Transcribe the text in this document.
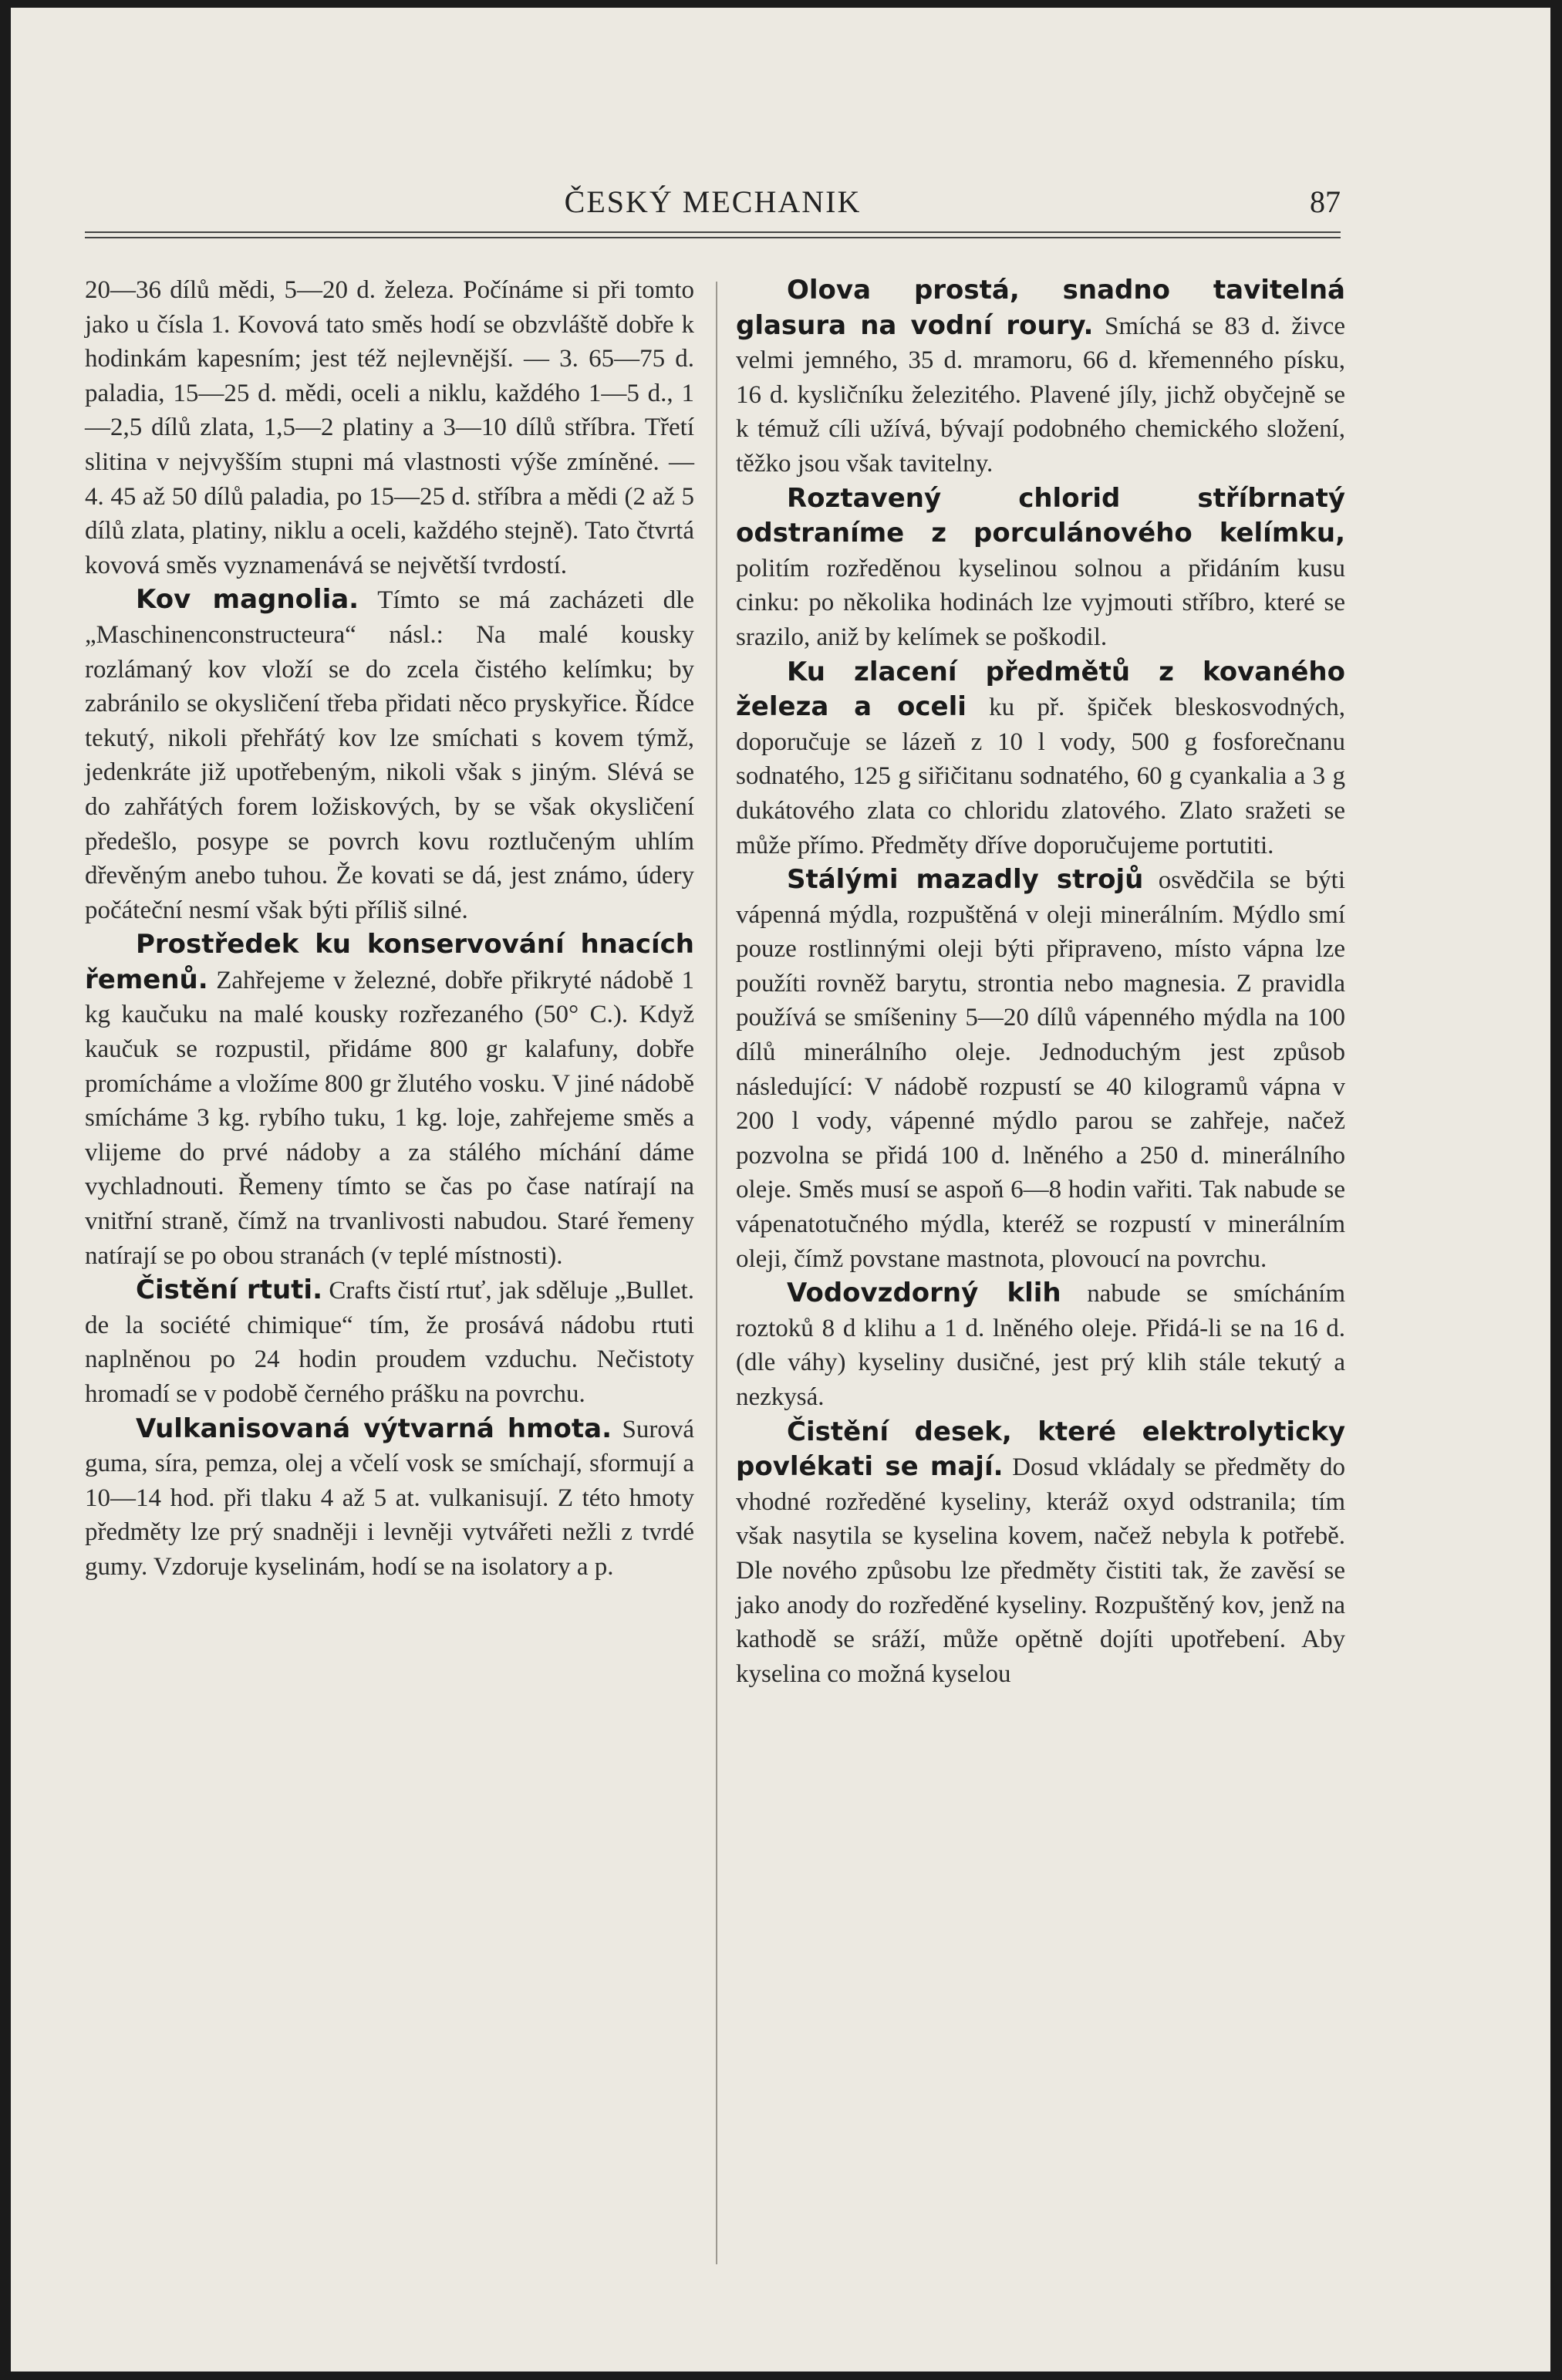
ČESKÝ MECHANIK	87

20—36 dílů mědi, 5—20 d. železa. Počínáme si při tomto jako u čísla 1. Kovová tato směs hodí se obzvláště dobře k hodinkám kapesním; jest též nejlevnější. — 3. 65—75 d. paladia, 15—25 d. mědi, oceli a niklu, každého 1—5 d., 1—2,5 dílů zlata, 1,5—2 platiny a 3—10 dílů stříbra. Třetí slitina v nejvyšším stupni má vlastnosti výše zmíněné. — 4. 45 až 50 dílů paladia, po 15—25 d. stříbra a mědi (2 až 5 dílů zlata, platiny, niklu a oceli, každého stejně). Tato čtvrtá kovová směs vyznamenává se největší tvrdostí.

Kov magnolia. Tímto se má zacházeti dle „Maschinenconstructeura“ násl.: Na malé kousky rozlámaný kov vloží se do zcela čistého kelímku; by zabránilo se okysličení třeba přidati něco pryskyřice. Řídce tekutý, nikoli přehřátý kov lze smíchati s kovem týmž, jedenkráte již upotřebeným, nikoli však s jiným. Slévá se do zahřátých forem ložiskových, by se však okysličení předešlo, posype se povrch kovu roztlučeným uhlím dřevěným anebo tuhou. Že kovati se dá, jest známo, údery počáteční nesmí však býti příliš silné.

Prostředek ku konservování hnacích řemenů. Zahřejeme v železné, dobře přikryté nádobě 1 kg kaučuku na malé kousky rozřezaného (50° C.). Když kaučuk se rozpustil, přidáme 800 gr kalafuny, dobře promícháme a vložíme 800 gr žlutého vosku. V jiné nádobě smícháme 3 kg. rybího tuku, 1 kg. loje, zahřejeme směs a vlijeme do prvé nádoby a za stálého míchání dáme vychladnouti. Řemeny tímto se čas po čase natírají na vnitřní straně, čímž na trvanlivosti nabudou. Staré řemeny natírají se po obou stranách (v teplé místnosti).

Čistění rtuti. Crafts čistí rtuť, jak sděluje „Bullet. de la société chimique“ tím, že prosává nádobu rtuti naplněnou po 24 hodin proudem vzduchu. Nečistoty hromadí se v podobě černého prášku na povrchu.

Vulkanisovaná výtvarná hmota. Surová guma, síra, pemza, olej a včelí vosk se smíchají, sformují a 10—14 hod. při tlaku 4 až 5 at. vulkanisují. Z této hmoty předměty lze prý snadněji i levněji vytvářeti nežli z tvrdé gumy. Vzdoruje kyselinám, hodí se na isolatory a p.

Olova prostá, snadno tavitelná glasura na vodní roury. Smíchá se 83 d. živce velmi jemného, 35 d. mramoru, 66 d. křemenného písku, 16 d. kysličníku železitého. Plavené jíly, jichž obyčejně se k témuž cíli užívá, bývají podobného chemického složení, těžko jsou však tavitelny.

Roztavený chlorid stříbrnatý odstraníme z porculánového kelímku, politím rozředěnou kyselinou solnou a přidáním kusu cinku: po několika hodinách lze vyjmouti stříbro, které se srazilo, aniž by kelímek se poškodil.

Ku zlacení předmětů z kovaného železa a oceli ku př. špiček bleskosvodných, doporučuje se lázeň z 10 l vody, 500 g fosforečnanu sodnatého, 125 g siřičitanu sodnatého, 60 g cyankalia a 3 g dukátového zlata co chloridu zlatového. Zlato sražeti se může přímo. Předměty dříve doporučujeme portutiti.

Stálými mazadly strojů osvědčila se býti vápenná mýdla, rozpuštěná v oleji minerálním. Mýdlo smí pouze rostlinnými oleji býti připraveno, místo vápna lze použíti rovněž barytu, strontia nebo magnesia. Z pravidla používá se smíšeniny 5—20 dílů vápenného mýdla na 100 dílů minerálního oleje. Jednoduchým jest způsob následující: V nádobě rozpustí se 40 kilogramů vápna v 200 l vody, vápenné mýdlo parou se zahřeje, načež pozvolna se přidá 100 d. lněného a 250 d. minerálního oleje. Směs musí se aspoň 6—8 hodin vařiti. Tak nabude se vápenatotučného mýdla, kteréž se rozpustí v minerálním oleji, čímž povstane mastnota, plovoucí na povrchu.

Vodovzdorný klih nabude se smícháním roztoků 8 d klihu a 1 d. lněného oleje. Přidá-li se na 16 d. (dle váhy) kyseliny dusičné, jest prý klih stále tekutý a nezkysá.

Čistění desek, které elektrolyticky povlékati se mají. Dosud vkládaly se předměty do vhodné rozředěné kyseliny, kteráž oxyd odstranila; tím však nasytila se kyselina kovem, načež nebyla k potřebě. Dle nového způsobu lze předměty čistiti tak, že zavěsí se jako anody do rozředěné kyseliny. Rozpuštěný kov, jenž na kathodě se sráží, může opětně dojíti upotřebení. Aby kyselina co možná kyselou
